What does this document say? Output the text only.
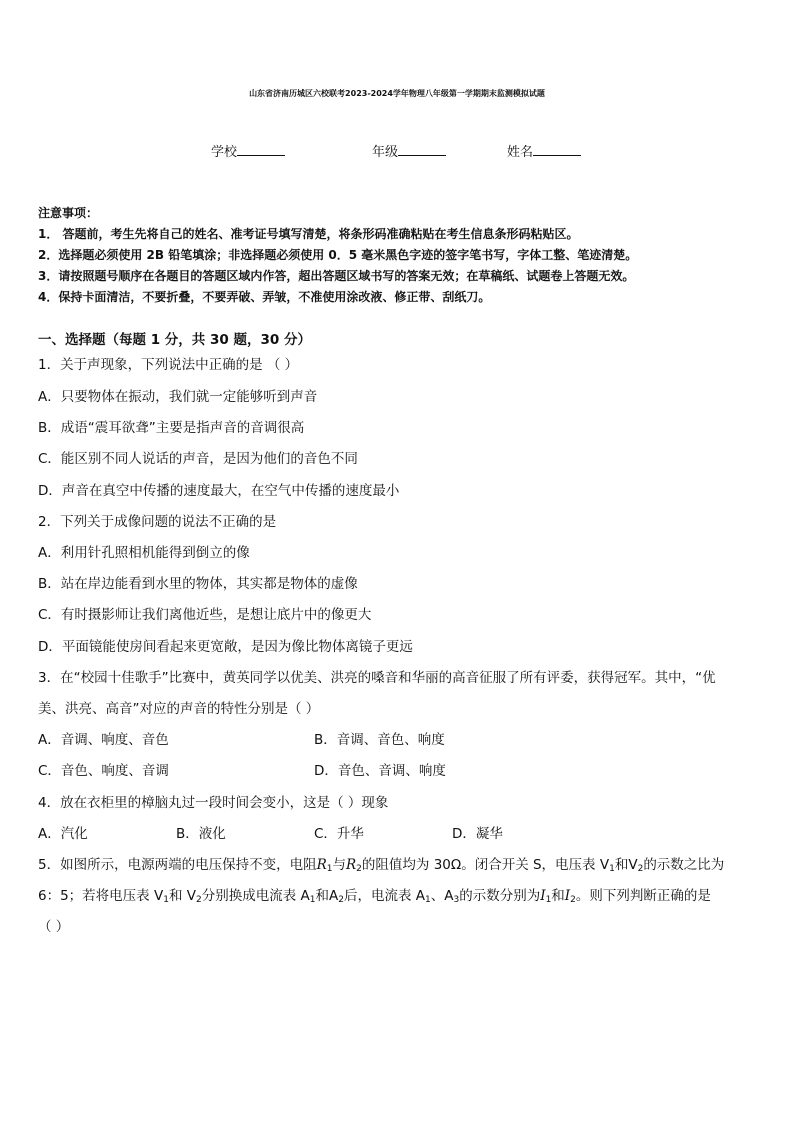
山东省济南历城区六校联考2023-2024学年物理八年级第一学期期末监测模拟试题
学校	年级	姓名
注意事项：
1． 答题前，考生先将自己的姓名、准考证号填写清楚，将条形码准确粘贴在考生信息条形码粘贴区。
2．选择题必须使用 2B 铅笔填涂；非选择题必须使用 0．5 毫米黑色字迹的签字笔书写，字体工整、笔迹清楚。
3．请按照题号顺序在各题目的答题区域内作答，超出答题区域书写的答案无效；在草稿纸、试题卷上答题无效。
4．保持卡面清洁，不要折叠，不要弄破、弄皱，不准使用涂改液、修正带、刮纸刀。
一、选择题（每题 1 分，共 30 题，30 分）
1．关于声现象，下列说法中正确的是 （ ）
A．只要物体在振动，我们就一定能够听到声音
B．成语“震耳欲聋”主要是指声音的音调很高
C．能区别不同人说话的声音，是因为他们的音色不同
D．声音在真空中传播的速度最大，在空气中传播的速度最小
2．下列关于成像问题的说法不正确的是
A．利用针孔照相机能得到倒立的像
B．站在岸边能看到水里的物体，其实都是物体的虚像
C．有时摄影师让我们离他近些，是想让底片中的像更大
D．平面镜能使房间看起来更宽敞，是因为像比物体离镜子更远
3．在“校园十佳歌手”比赛中，黄英同学以优美、洪亮的嗓音和华丽的高音征服了所有评委，获得冠军。其中，“优
美、洪亮、高音”对应的声音的特性分别是（ ）
A．音调、响度、音色	B．音调、音色、响度
C．音色、响度、音调	D．音色、音调、响度
4．放在衣柜里的樟脑丸过一段时间会变小，这是（ ）现象
A．汽化	B．液化	C．升华	D．凝华
5．如图所示，电源两端的电压保持不变，电阻$R_1$与$R_2$的阻值均为 30Ω。闭合开关 S，电压表 $V_1$和$V_2$的示数之比为
6：5；若将电压表 $V_1$和 $V_2$分别换成电流表 $A_1$和$A_2$后，电流表 $A_1$、$A_3$的示数分别为$I_1$和$I_2$。则下列判断正确的是
（ ）
